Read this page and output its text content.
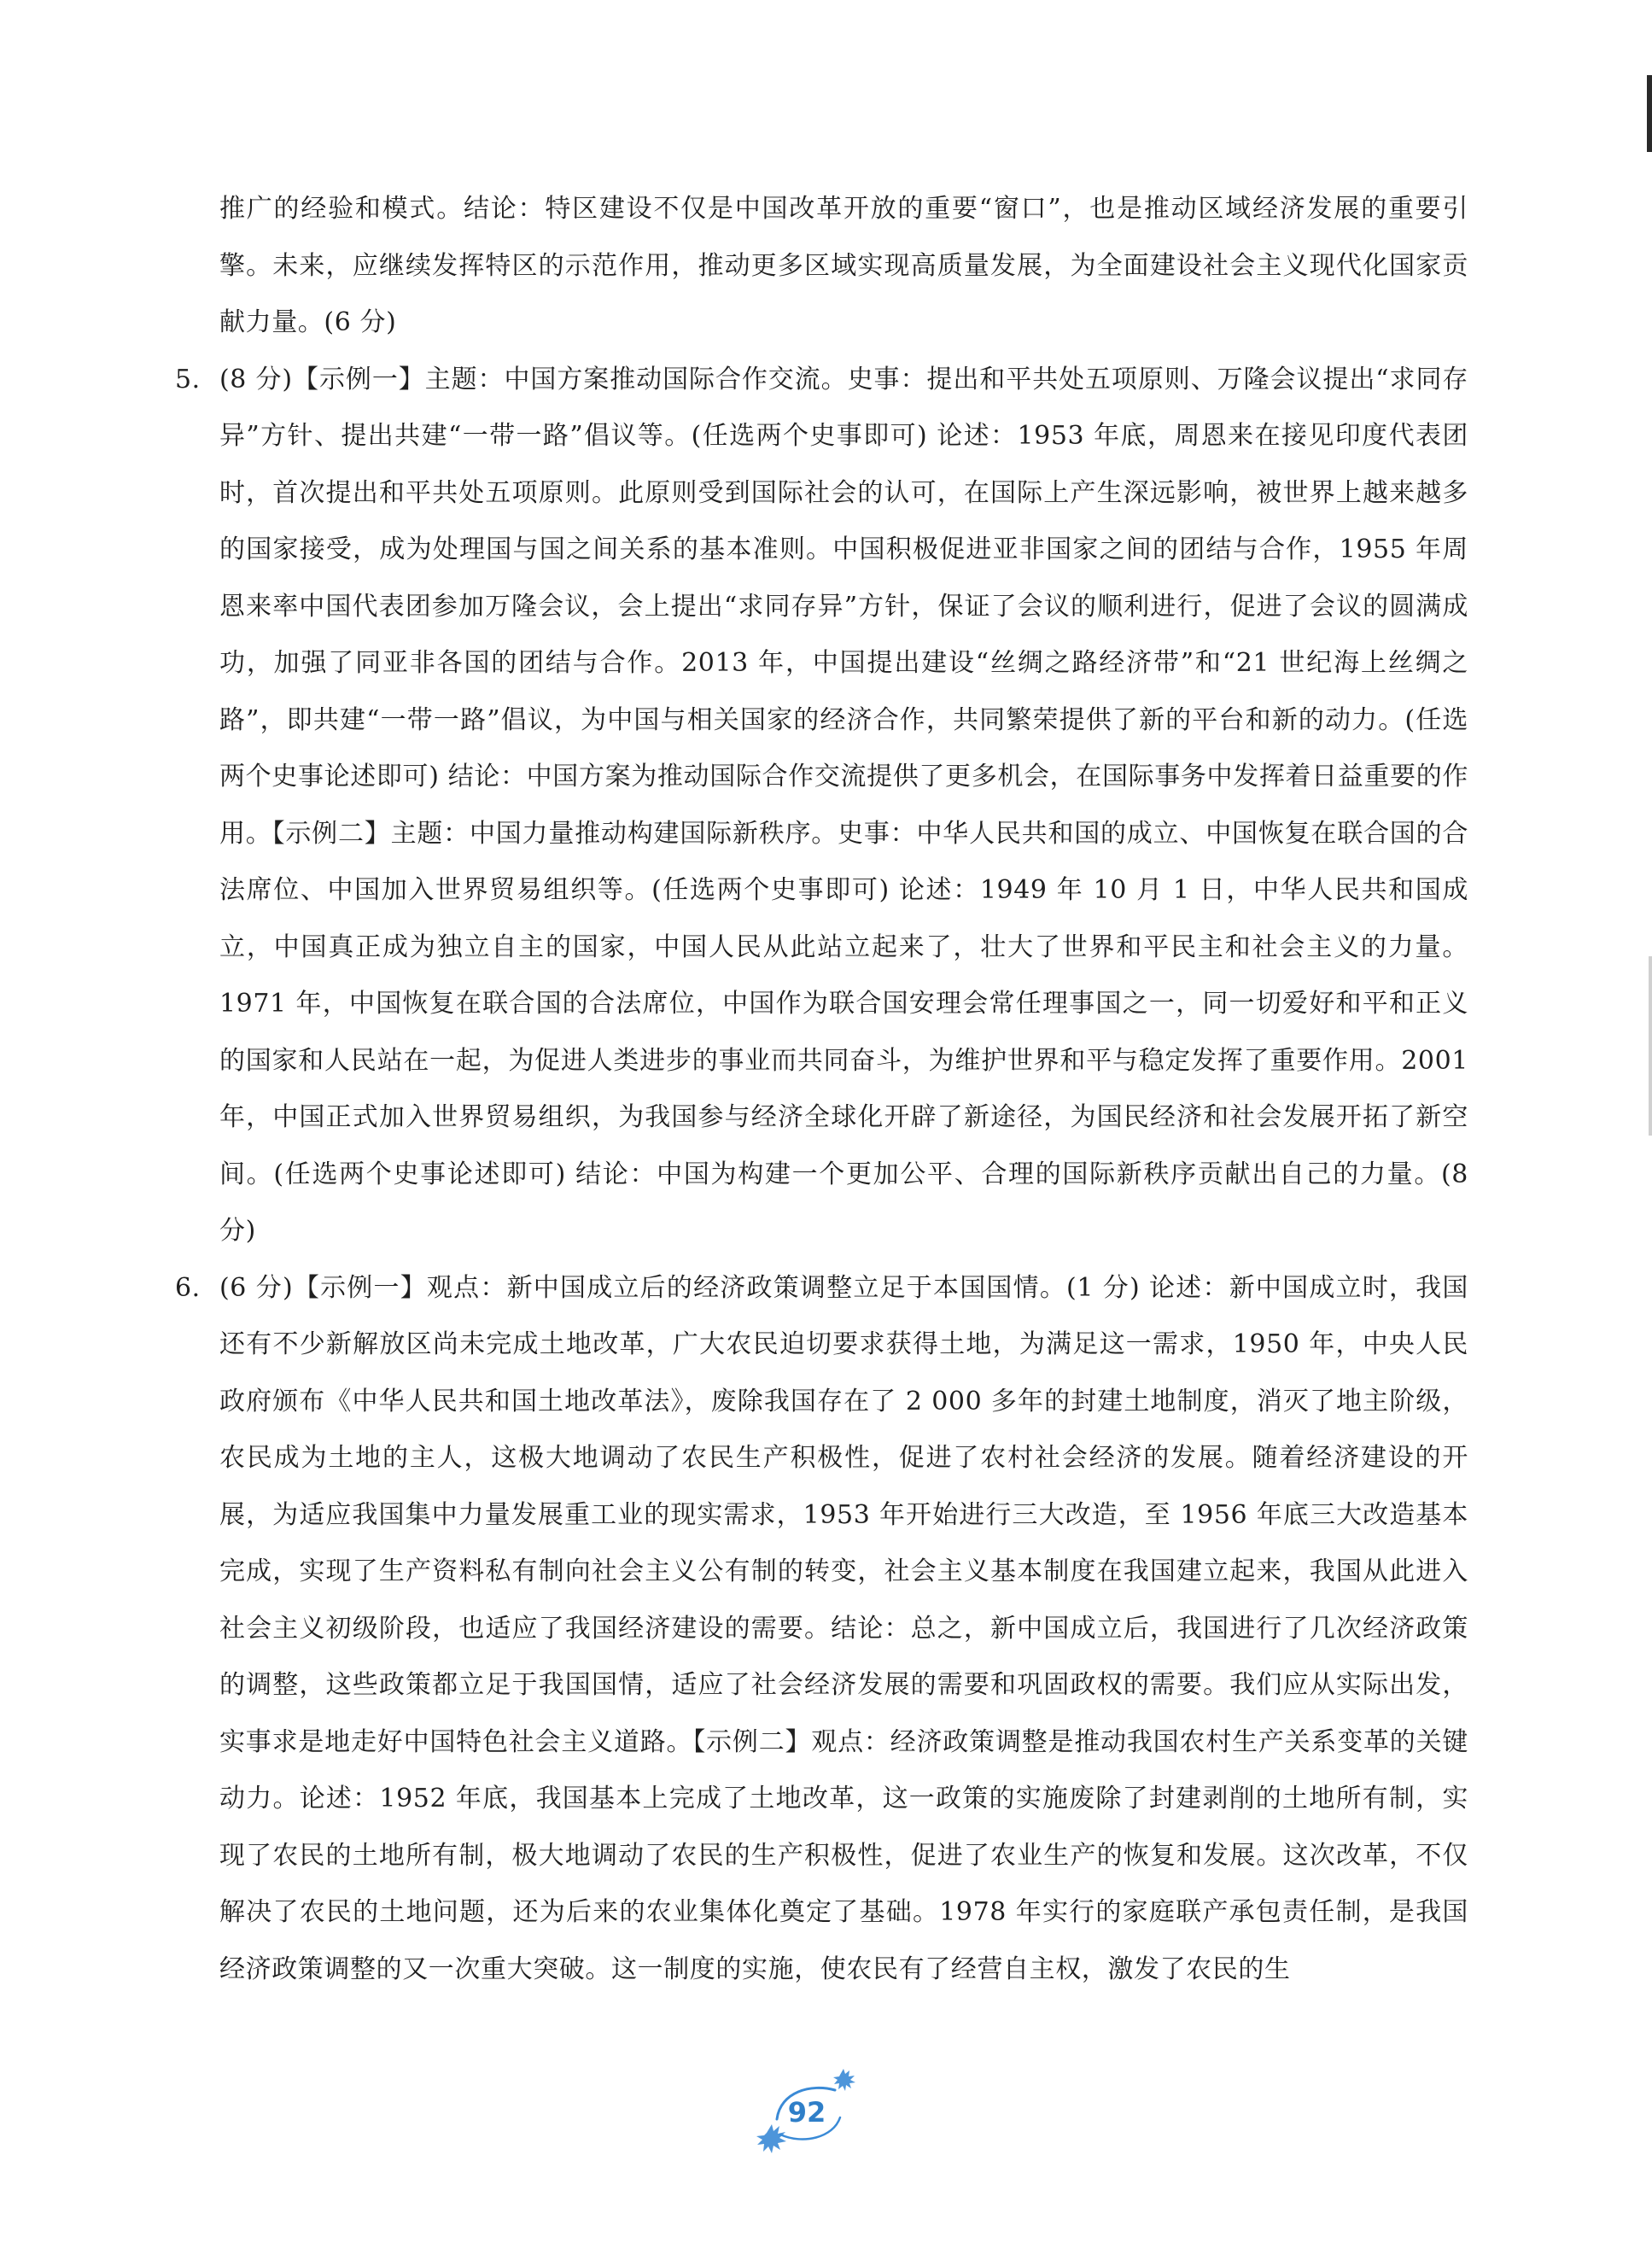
推广的经验和模式。结论：特区建设不仅是中国改革开放的重要“窗口”，也是推动区域经济发展的重要引擎。未来，应继续发挥特区的示范作用，推动更多区域实现高质量发展，为全面建设社会主义现代化国家贡献力量。(6 分)

5. (8 分)【示例一】主题：中国方案推动国际合作交流。史事：提出和平共处五项原则、万隆会议提出“求同存异”方针、提出共建“一带一路”倡议等。(任选两个史事即可) 论述：1953 年底，周恩来在接见印度代表团时，首次提出和平共处五项原则。此原则受到国际社会的认可，在国际上产生深远影响，被世界上越来越多的国家接受，成为处理国与国之间关系的基本准则。中国积极促进亚非国家之间的团结与合作，1955 年周恩来率中国代表团参加万隆会议，会上提出“求同存异”方针，保证了会议的顺利进行，促进了会议的圆满成功，加强了同亚非各国的团结与合作。2013 年，中国提出建设“丝绸之路经济带”和“21 世纪海上丝绸之路”，即共建“一带一路”倡议，为中国与相关国家的经济合作，共同繁荣提供了新的平台和新的动力。(任选两个史事论述即可) 结论：中国方案为推动国际合作交流提供了更多机会，在国际事务中发挥着日益重要的作用。【示例二】主题：中国力量推动构建国际新秩序。史事：中华人民共和国的成立、中国恢复在联合国的合法席位、中国加入世界贸易组织等。(任选两个史事即可) 论述：1949 年 10 月 1 日，中华人民共和国成立，中国真正成为独立自主的国家，中国人民从此站立起来了，壮大了世界和平民主和社会主义的力量。1971 年，中国恢复在联合国的合法席位，中国作为联合国安理会常任理事国之一，同一切爱好和平和正义的国家和人民站在一起，为促进人类进步的事业而共同奋斗，为维护世界和平与稳定发挥了重要作用。2001 年，中国正式加入世界贸易组织，为我国参与经济全球化开辟了新途径，为国民经济和社会发展开拓了新空间。(任选两个史事论述即可) 结论：中国为构建一个更加公平、合理的国际新秩序贡献出自己的力量。(8 分)
6. (6 分)【示例一】观点：新中国成立后的经济政策调整立足于本国国情。(1 分) 论述：新中国成立时，我国还有不少新解放区尚未完成土地改革，广大农民迫切要求获得土地，为满足这一需求，1950 年，中央人民政府颁布《中华人民共和国土地改革法》，废除我国存在了 2 000 多年的封建土地制度，消灭了地主阶级，农民成为土地的主人，这极大地调动了农民生产积极性，促进了农村社会经济的发展。随着经济建设的开展，为适应我国集中力量发展重工业的现实需求，1953 年开始进行三大改造，至 1956 年底三大改造基本完成，实现了生产资料私有制向社会主义公有制的转变，社会主义基本制度在我国建立起来，我国从此进入社会主义初级阶段，也适应了我国经济建设的需要。结论：总之，新中国成立后，我国进行了几次经济政策的调整，这些政策都立足于我国国情，适应了社会经济发展的需要和巩固政权的需要。我们应从实际出发，实事求是地走好中国特色社会主义道路。【示例二】观点：经济政策调整是推动我国农村生产关系变革的关键动力。论述：1952 年底，我国基本上完成了土地改革，这一政策的实施废除了封建剥削的土地所有制，实现了农民的土地所有制，极大地调动了农民的生产积极性，促进了农业生产的恢复和发展。这次改革，不仅解决了农民的土地问题，还为后来的农业集体化奠定了基础。1978 年实行的家庭联产承包责任制，是我国经济政策调整的又一次重大突破。这一制度的实施，使农民有了经营自主权，激发了农民的生
92
